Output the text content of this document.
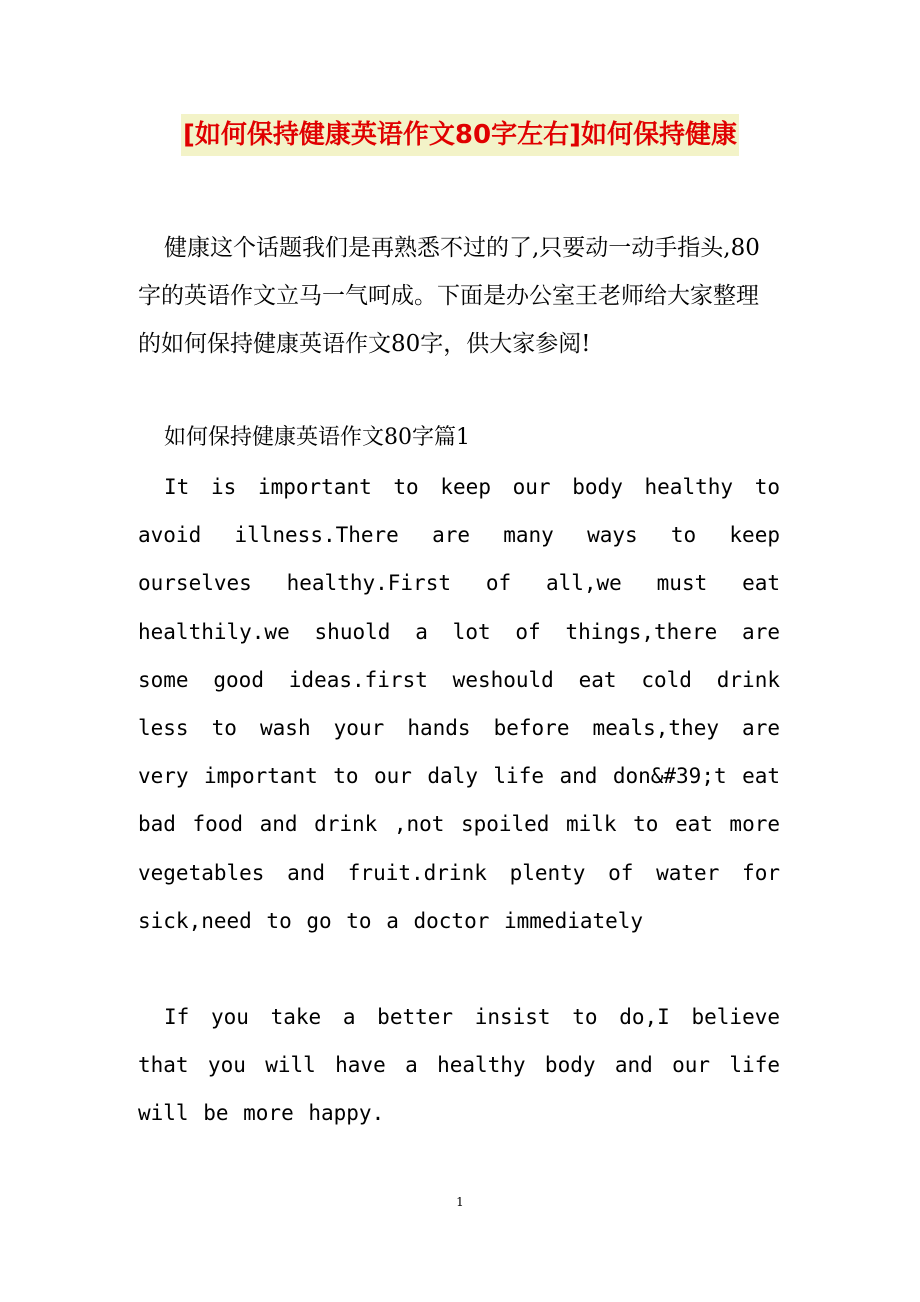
[如何保持健康英语作文80字左右]如何保持健康

健康这个话题我们是再熟悉不过的了,只要动一动手指头,80字的英语作文立马一气呵成。下面是办公室王老师给大家整理的如何保持健康英语作文80字，供大家参阅!

如何保持健康英语作文80字篇1

It is important to keep our body healthy to avoid illness.There are many ways to keep ourselves healthy.First of all,we must eat healthily.we shuold a lot of things,there are some good ideas.first weshould eat cold drink less to wash your hands before meals,they are very important to our daly life and don&#39;t eat bad food and drink ,not spoiled milk to eat more vegetables and fruit.drink plenty of water for sick,need to go to a doctor immediately

If you take a better insist to do,I believe that you will have a healthy body and our life will be more happy.

1
